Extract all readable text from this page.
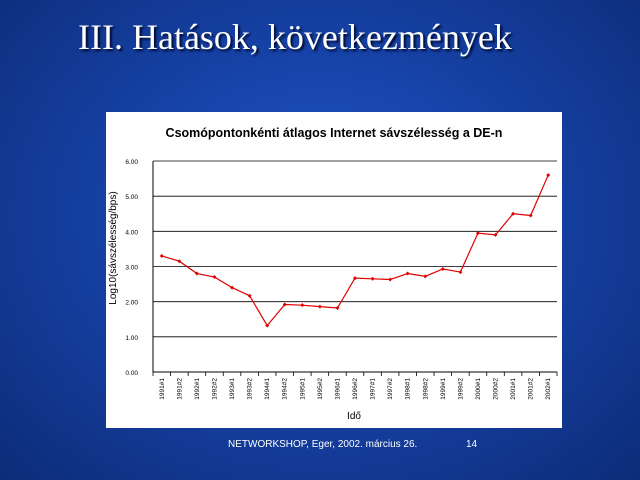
III. Hatások, következmények
Csomópontonkénti átlagos Internet sávszélesség a DE-n
Log10(sávszélesség/bps)
Idő
0.00
1.00
2.00
3.00
4.00
5.00
6.00
1991#1 1991#2 1992#1 1992#2 1993#1 1993#2 1994#1 1994#2 1995#1 1995#2 1996#1 1996#2 1997#1 1997#2 1998#1 1998#2 1999#1 1999#2 2000#1 2000#2 2001#1 2001#2 2002#1
NETWORKSHOP, Eger, 2002. március 26.	14
